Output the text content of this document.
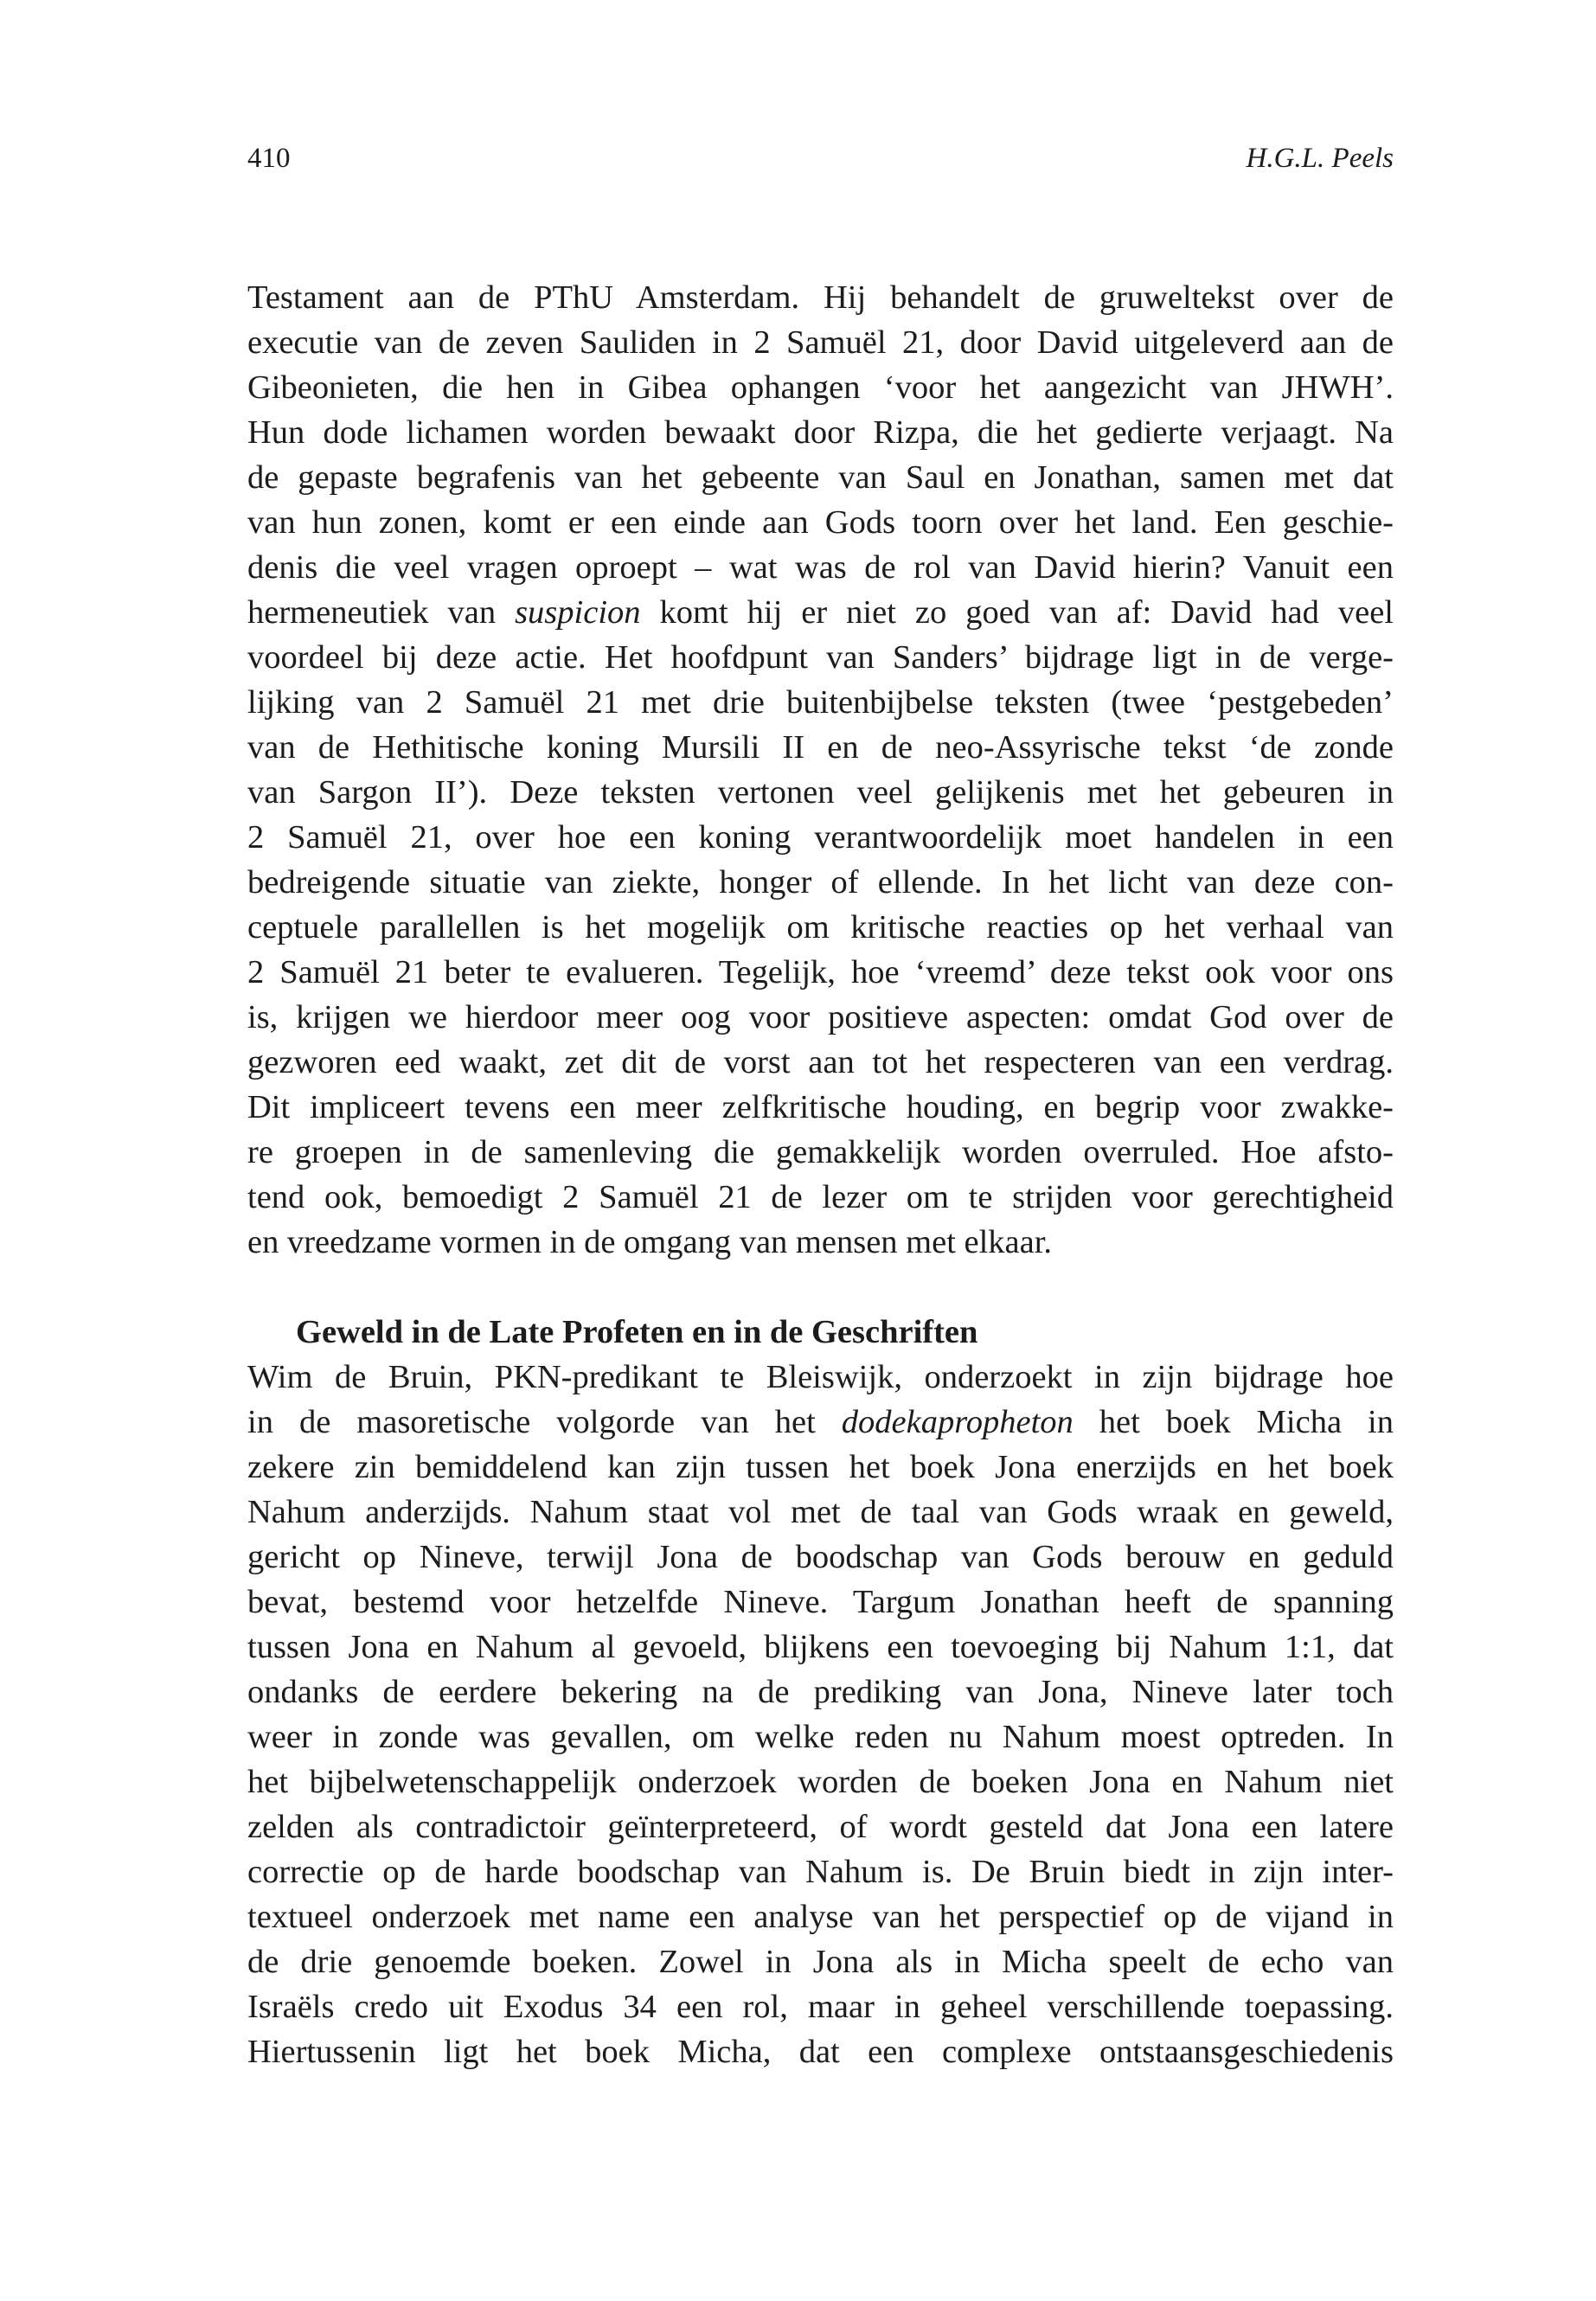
410	H.G.L. Peels
Testament aan de PThU Amsterdam. Hij behandelt de gruweltekst over de
executie van de zeven Sauliden in 2 Samuël 21, door David uitgeleverd aan de
Gibeonieten, die hen in Gibea ophangen ‘voor het aangezicht van JHWH’.
Hun dode lichamen worden bewaakt door Rizpa, die het gedierte verjaagt. Na
de gepaste begrafenis van het gebeente van Saul en Jonathan, samen met dat
van hun zonen, komt er een einde aan Gods toorn over het land. Een geschie-
denis die veel vragen oproept – wat was de rol van David hierin? Vanuit een
hermeneutiek van suspicion komt hij er niet zo goed van af: David had veel
voordeel bij deze actie. Het hoofdpunt van Sanders’ bijdrage ligt in de verge-
lijking van 2 Samuël 21 met drie buitenbijbelse teksten (twee ‘pestgebeden’
van de Hethitische koning Mursili II en de neo-Assyrische tekst ‘de zonde
van Sargon II’). Deze teksten vertonen veel gelijkenis met het gebeuren in
2 Samuël 21, over hoe een koning verantwoordelijk moet handelen in een
bedreigende situatie van ziekte, honger of ellende. In het licht van deze con-
ceptuele parallellen is het mogelijk om kritische reacties op het verhaal van
2 Samuël 21 beter te evalueren. Tegelijk, hoe ‘vreemd’ deze tekst ook voor ons
is, krijgen we hierdoor meer oog voor positieve aspecten: omdat God over de
gezworen eed waakt, zet dit de vorst aan tot het respecteren van een verdrag.
Dit impliceert tevens een meer zelfkritische houding, en begrip voor zwakke-
re groepen in de samenleving die gemakkelijk worden overruled. Hoe afsto-
tend ook, bemoedigt 2 Samuël 21 de lezer om te strijden voor gerechtigheid
en vreedzame vormen in de omgang van mensen met elkaar.
Geweld in de Late Profeten en in de Geschriften
Wim de Bruin, PKN-predikant te Bleiswijk, onderzoekt in zijn bijdrage hoe
in de masoretische volgorde van het dodekapropheton het boek Micha in
zekere zin bemiddelend kan zijn tussen het boek Jona enerzijds en het boek
Nahum anderzijds. Nahum staat vol met de taal van Gods wraak en geweld,
gericht op Nineve, terwijl Jona de boodschap van Gods berouw en geduld
bevat, bestemd voor hetzelfde Nineve. Targum Jonathan heeft de spanning
tussen Jona en Nahum al gevoeld, blijkens een toevoeging bij Nahum 1:1, dat
ondanks de eerdere bekering na de prediking van Jona, Nineve later toch
weer in zonde was gevallen, om welke reden nu Nahum moest optreden. In
het bijbelwetenschappelijk onderzoek worden de boeken Jona en Nahum niet
zelden als contradictoir geïnterpreteerd, of wordt gesteld dat Jona een latere
correctie op de harde boodschap van Nahum is. De Bruin biedt in zijn inter-
textueel onderzoek met name een analyse van het perspectief op de vijand in
de drie genoemde boeken. Zowel in Jona als in Micha speelt de echo van
Israëls credo uit Exodus 34 een rol, maar in geheel verschillende toepassing.
Hiertussenin ligt het boek Micha, dat een complexe ontstaansgeschiedenis
